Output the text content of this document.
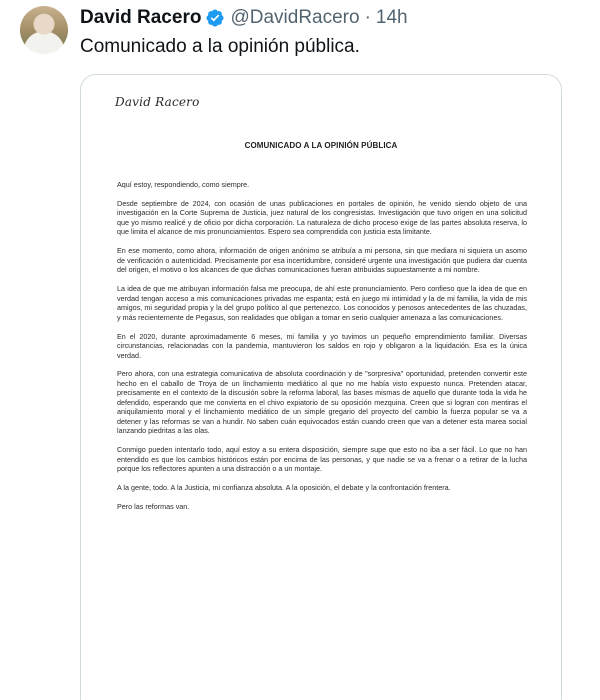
David Racero @DavidRacero · 14h
Comunicado a la opinión pública.
David Racero
COMUNICADO A LA OPINIÓN PÚBLICA

Aquí estoy, respondiendo, como siempre.

Desde septiembre de 2024, con ocasión de unas publicaciones en portales de opinión, he venido siendo objeto de una investigación en la Corte Suprema de Justicia, juez natural de los congresistas. Investigación que tuvo origen en una solicitud que yo mismo realicé y de oficio por dicha corporación. La naturaleza de dicho proceso exige de las partes absoluta reserva, lo que limita el alcance de mis pronunciamientos. Espero sea comprendida con justicia esta limitante.

En ese momento, como ahora, información de origen anónimo se atribuía a mi persona, sin que mediara ni siquiera un asomo de verificación o autenticidad. Precisamente por esa incertidumbre, consideré urgente una investigación que pudiera dar cuenta del origen, el motivo o los alcances de que dichas comunicaciones fueran atribuidas supuestamente a mi nombre.

La idea de que me atribuyan información falsa me preocupa, de ahí este pronunciamiento. Pero confieso que la idea de que en verdad tengan acceso a mis comunicaciones privadas me espanta; está en juego mi intimidad y la de mi familia, la vida de mis amigos, mi seguridad propia y la del grupo político al que pertenezco. Los conocidos y penosos antecedentes de las chuzadas, y más recientemente de Pegasus, son realidades que obligan a tomar en serio cualquier amenaza a las comunicaciones.

En el 2020, durante aproximadamente 6 meses, mi familia y yo tuvimos un pequeño emprendimiento familiar. Diversas circunstancias, relacionadas con la pandemia, mantuvieron los saldos en rojo y obligaron a la liquidación. Esa es la única verdad.

Pero ahora, con una estrategia comunicativa de absoluta coordinación y de "sorpresiva" oportunidad, pretenden convertir este hecho en el caballo de Troya de un linchamiento mediático al que no me había visto expuesto nunca. Pretenden atacar, precisamente en el contexto de la discusión sobre la reforma laboral, las bases mismas de aquello que durante toda la vida he defendido, esperando que me convierta en el chivo expiatorio de su oposición mezquina. Creen que si logran con mentiras el aniquilamiento moral y el linchamiento mediático de un simple gregario del proyecto del cambio la fuerza popular se va a detener y las reformas se van a hundir. No saben cuán equivocados están cuando creen que van a detener esta marea social lanzando piedritas a las olas.

Conmigo pueden intentarlo todo, aquí estoy a su entera disposición, siempre supe que esto no iba a ser fácil. Lo que no han entendido es que los cambios históricos están por encima de las personas, y que nadie se va a frenar o a retirar de la lucha porque los reflectores apunten a una distracción o a un montaje.

A la gente, todo. A la Justicia, mi confianza absoluta. A la oposición, el debate y la confrontación frentera.

Pero las reformas van.
